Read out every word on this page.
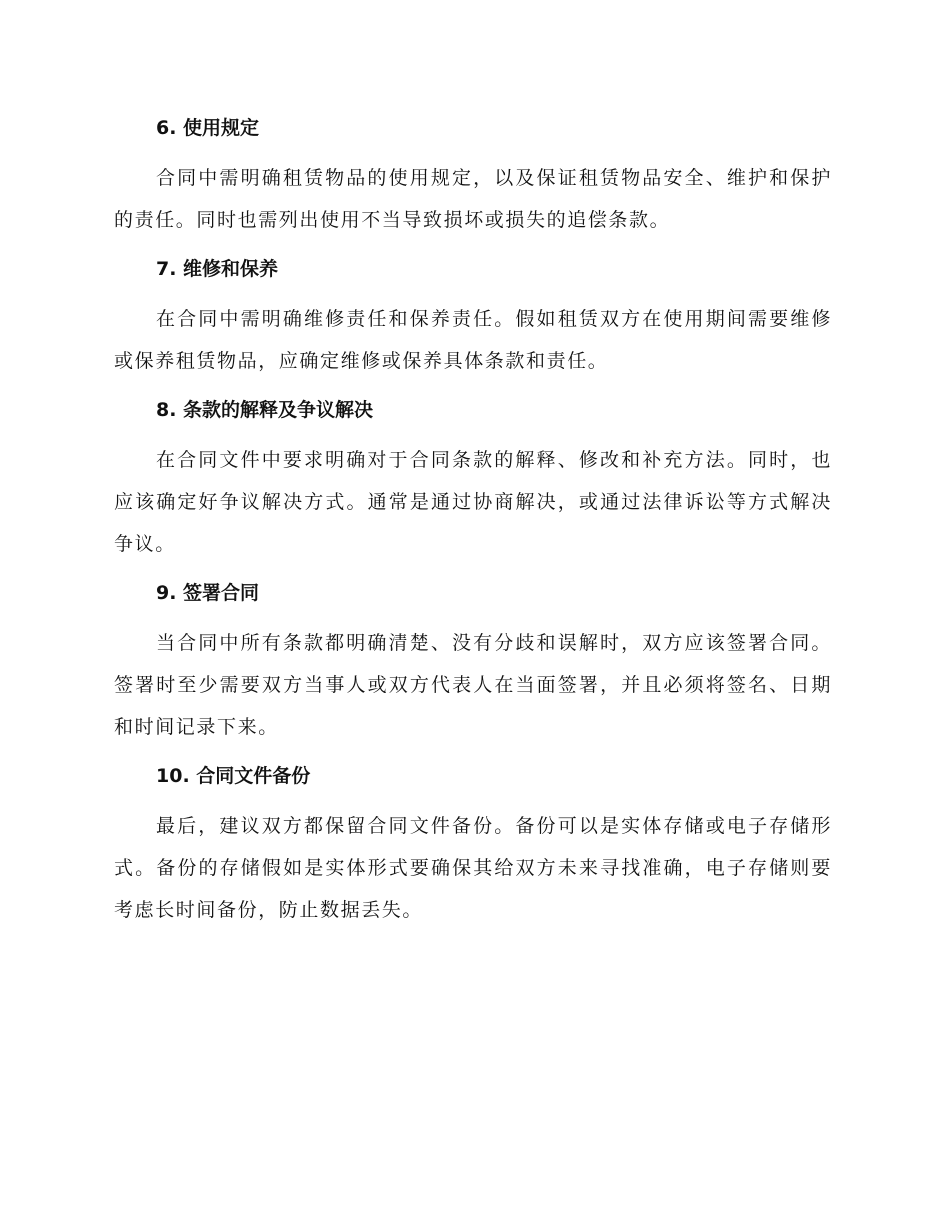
6. 使用规定

合同中需明确租赁物品的使用规定，以及保证租赁物品安全、维护和保护的责任。同时也需列出使用不当导致损坏或损失的追偿条款。

7. 维修和保养

在合同中需明确维修责任和保养责任。假如租赁双方在使用期间需要维修或保养租赁物品，应确定维修或保养具体条款和责任。

8. 条款的解释及争议解决

在合同文件中要求明确对于合同条款的解释、修改和补充方法。同时，也应该确定好争议解决方式。通常是通过协商解决，或通过法律诉讼等方式解决争议。

9. 签署合同

当合同中所有条款都明确清楚、没有分歧和误解时，双方应该签署合同。签署时至少需要双方当事人或双方代表人在当面签署，并且必须将签名、日期和时间记录下来。

10. 合同文件备份

最后，建议双方都保留合同文件备份。备份可以是实体存储或电子存储形式。备份的存储假如是实体形式要确保其给双方未来寻找准确，电子存储则要考虑长时间备份，防止数据丢失。
